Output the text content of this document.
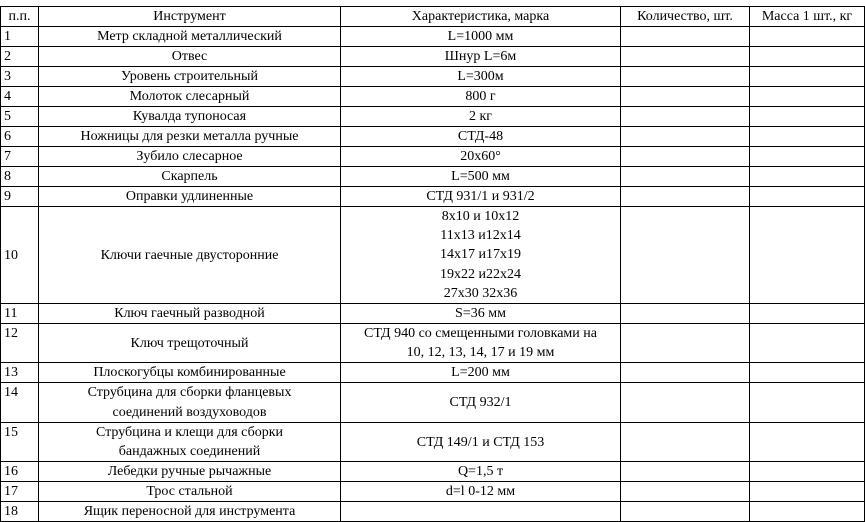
п.п.	Инструмент	Характеристика, марка	Количество, шт.	Масса 1 шт., кг
1	Метр складной металлический	L=1000 мм		
2	Отвес	Шнур L=6м		
3	Уровень строительный	L=300м		
4	Молоток слесарный	800 г		
5	Кувалда тупоносая	2 кг		
6	Ножницы для резки металла ручные	СТД-48		
7	Зубило слесарное	20х60°		
8	Скарпель	L=500 мм		
9	Оправки удлиненные	СТД 931/1 и 931/2		
10	Ключи гаечные двусторонние	8х10 и 10х12
11х13 и12х14
14х17 и17х19
19х22 и22х24
27х30 32х36		

11	Ключ гаечный разводной	S=36 мм		
12	Ключ трещоточный	СТД 940 со смещенными головками на
10, 12, 13, 14, 17 и 19 мм		

13	Плоскогубцы комбинированные	L=200 мм		
14	Струбцина для сборки фланцевых
соединений воздуховодов	СТД 932/1		
15	Струбцина и клещи для сборки
бандажных соединений	СТД 149/1 и СТД 153		
16	Лебедки ручные рычажные	Q=1,5 т		
17	Трос стальной	d=l 0-12 мм		
18	Ящик переносной для инструмента			
